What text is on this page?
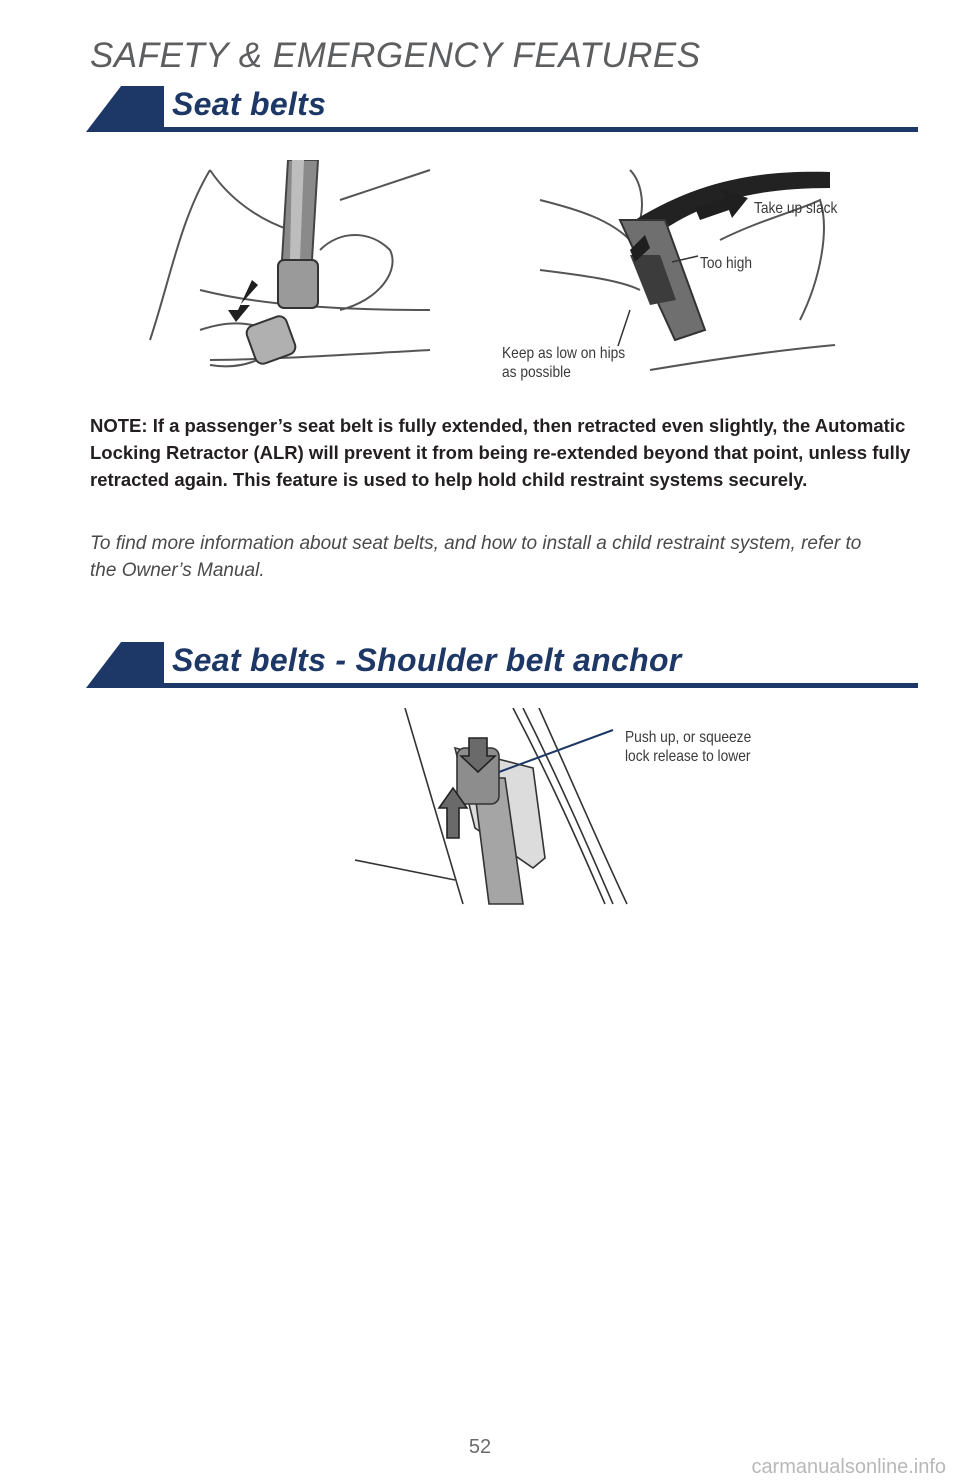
SAFETY & EMERGENCY FEATURES
Seat belts
Take up slack
Too high
Keep as low on hips
as possible
NOTE: If a passenger’s seat belt is fully extended, then retracted even slightly, the Automatic Locking Retractor (ALR) will prevent it from being re-extended beyond that point, unless fully retracted again. This feature is used to help hold child restraint systems securely.
To find more information about seat belts, and how to install a child restraint system, refer to the Owner’s Manual.
Seat belts - Shoulder belt anchor
Push up, or squeeze
lock release to lower
52
carmanualsonline.info
